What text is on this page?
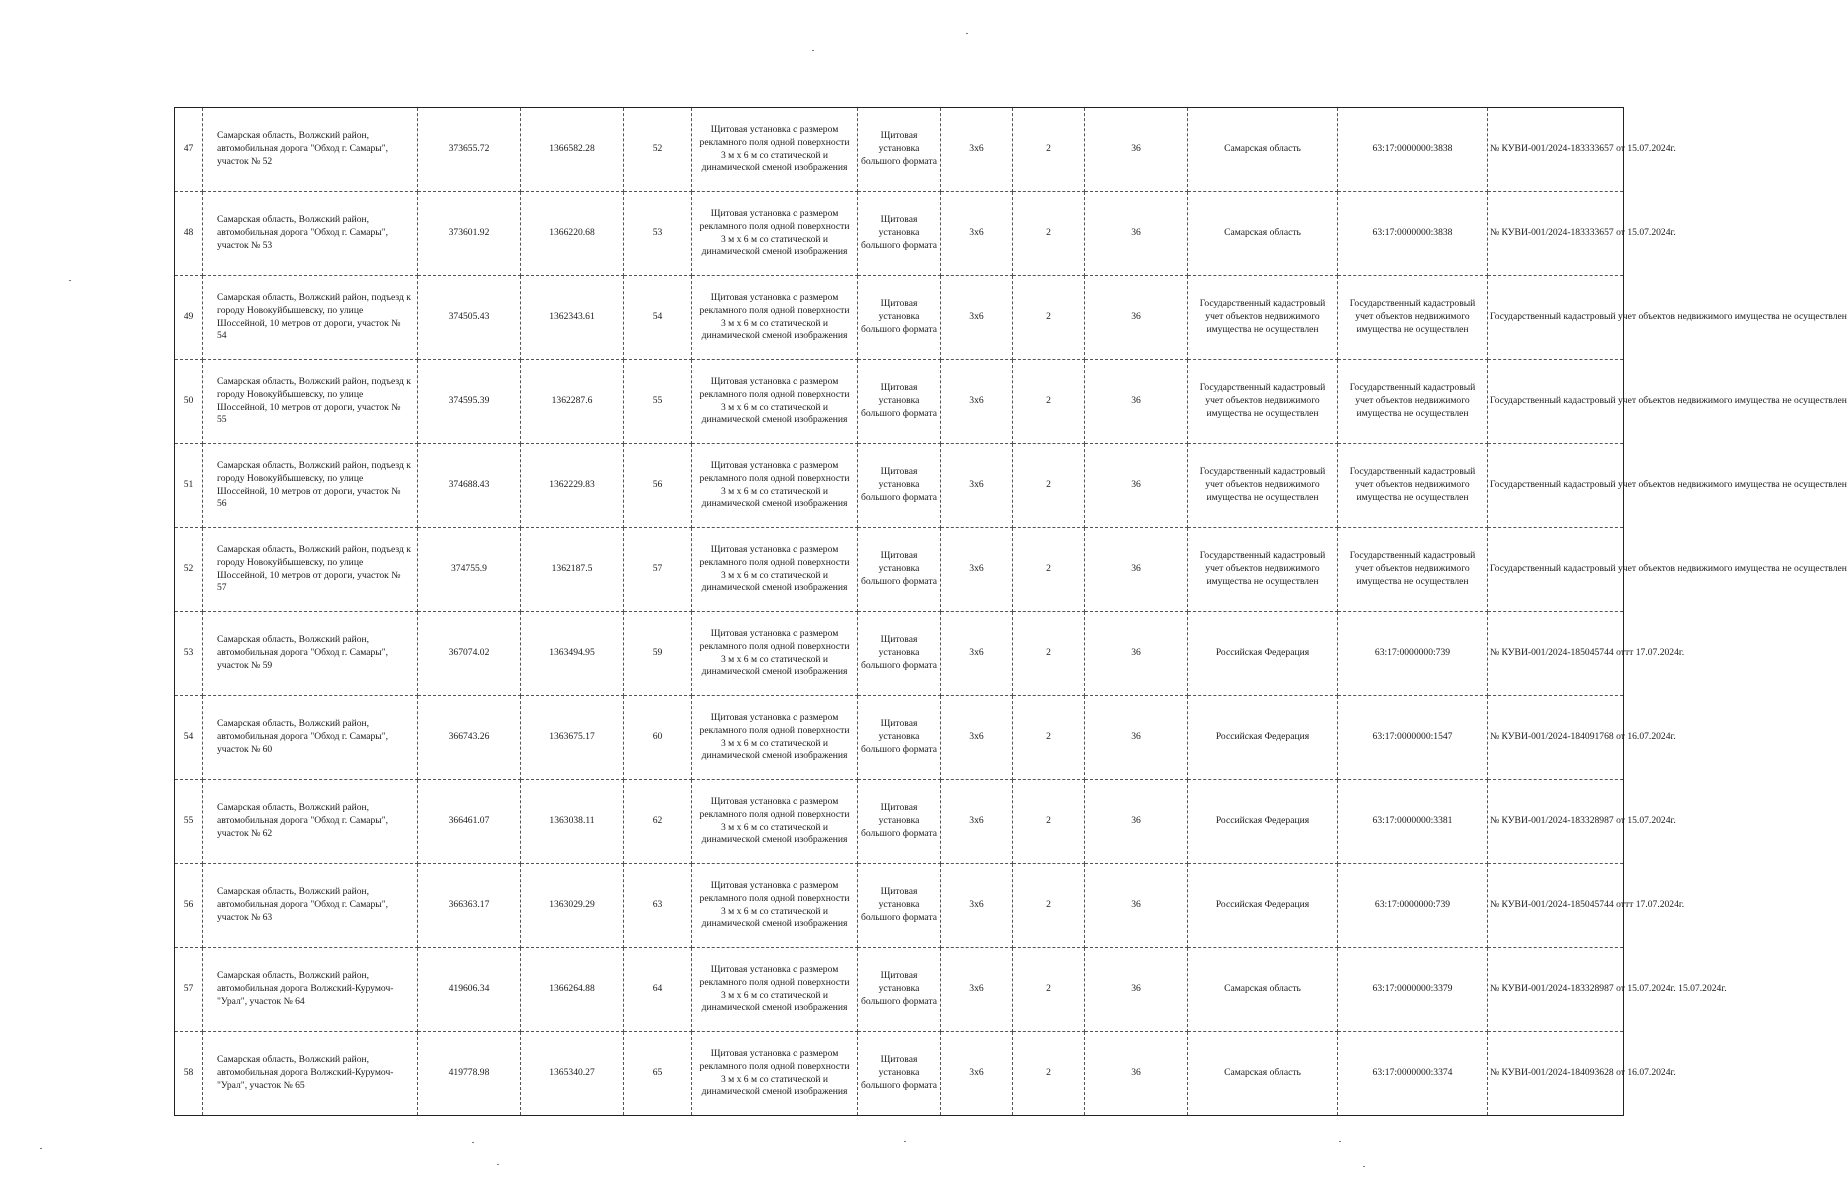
47	Самарская область, Волжский район, автомобильная дорога "Обход г. Самары", участок № 52	373655.72	1366582.28	52	Щитовая установка с размером рекламного поля одной поверхности 3 м х 6 м со статической и динамической сменой изображения	Щитовая установка большого формата	3х6	2	36	Самарская область	63:17:0000000:3838	№ КУВИ-001/2024-183333657 от 15.07.2024г.
48	Самарская область, Волжский район, автомобильная дорога "Обход г. Самары", участок № 53	373601.92	1366220.68	53	Щитовая установка с размером рекламного поля одной поверхности 3 м х 6 м со статической и динамической сменой изображения	Щитовая установка большого формата	3х6	2	36	Самарская область	63:17:0000000:3838	№ КУВИ-001/2024-183333657 от 15.07.2024г.
49	Самарская область, Волжский район, подъезд к городу Новокуйбышевску, по улице Шоссейной, 10 метров от дороги, участок № 54	374505.43	1362343.61	54	Щитовая установка с размером рекламного поля одной поверхности 3 м х 6 м со статической и динамической сменой изображения	Щитовая установка большого формата	3х6	2	36	Государственный кадастровый учет объектов недвижимого имущества не осуществлен	Государственный кадастровый учет объектов недвижимого имущества не осуществлен	Государственный кадастровый учет объектов недвижимого имущества не осуществлен
50	Самарская область, Волжский район, подъезд к городу Новокуйбышевску, по улице Шоссейной, 10 метров от дороги, участок № 55	374595.39	1362287.6	55	Щитовая установка с размером рекламного поля одной поверхности 3 м х 6 м со статической и динамической сменой изображения	Щитовая установка большого формата	3х6	2	36	Государственный кадастровый учет объектов недвижимого имущества не осуществлен	Государственный кадастровый учет объектов недвижимого имущества не осуществлен	Государственный кадастровый учет объектов недвижимого имущества не осуществлен
51	Самарская область, Волжский район, подъезд к городу Новокуйбышевску, по улице Шоссейной, 10 метров от дороги, участок № 56	374688.43	1362229.83	56	Щитовая установка с размером рекламного поля одной поверхности 3 м х 6 м со статической и динамической сменой изображения	Щитовая установка большого формата	3х6	2	36	Государственный кадастровый учет объектов недвижимого имущества не осуществлен	Государственный кадастровый учет объектов недвижимого имущества не осуществлен	Государственный кадастровый учет объектов недвижимого имущества не осуществлен
52	Самарская область, Волжский район, подъезд к городу Новокуйбышевску, по улице Шоссейной, 10 метров от дороги, участок № 57	374755.9	1362187.5	57	Щитовая установка с размером рекламного поля одной поверхности 3 м х 6 м со статической и динамической сменой изображения	Щитовая установка большого формата	3х6	2	36	Государственный кадастровый учет объектов недвижимого имущества не осуществлен	Государственный кадастровый учет объектов недвижимого имущества не осуществлен	Государственный кадастровый учет объектов недвижимого имущества не осуществлен
53	Самарская область, Волжский район, автомобильная дорога "Обход г. Самары", участок № 59	367074.02	1363494.95	59	Щитовая установка с размером рекламного поля одной поверхности 3 м х 6 м со статической и динамической сменой изображения	Щитовая установка большого формата	3х6	2	36	Российская Федерация	63:17:0000000:739	№ КУВИ-001/2024-185045744 оттт 17.07.2024г.
54	Самарская область, Волжский район, автомобильная дорога "Обход г. Самары", участок № 60	366743.26	1363675.17	60	Щитовая установка с размером рекламного поля одной поверхности 3 м х 6 м со статической и динамической сменой изображения	Щитовая установка большого формата	3х6	2	36	Российская Федерация	63:17:0000000:1547	№ КУВИ-001/2024-184091768 от 16.07.2024г.
55	Самарская область, Волжский район, автомобильная дорога "Обход г. Самары", участок № 62	366461.07	1363038.11	62	Щитовая установка с размером рекламного поля одной поверхности 3 м х 6 м со статической и динамической сменой изображения	Щитовая установка большого формата	3х6	2	36	Российская Федерация	63:17:0000000:3381	№ КУВИ-001/2024-183328987 от 15.07.2024г.
56	Самарская область, Волжский район, автомобильная дорога "Обход г. Самары", участок № 63	366363.17	1363029.29	63	Щитовая установка с размером рекламного поля одной поверхности 3 м х 6 м со статической и динамической сменой изображения	Щитовая установка большого формата	3х6	2	36	Российская Федерация	63:17:0000000:739	№ КУВИ-001/2024-185045744 оттт 17.07.2024г.
57	Самарская область, Волжский район, автомобильная дорога Волжский-Курумоч-"Урал", участок № 64	419606.34	1366264.88	64	Щитовая установка с размером рекламного поля одной поверхности 3 м х 6 м со статической и динамической сменой изображения	Щитовая установка большого формата	3х6	2	36	Самарская область	63:17:0000000:3379	№ КУВИ-001/2024-183328987 от 15.07.2024г. 15.07.2024г.
58	Самарская область, Волжский район, автомобильная дорога Волжский-Курумоч-"Урал", участок № 65	419778.98	1365340.27	65	Щитовая установка с размером рекламного поля одной поверхности 3 м х 6 м со статической и динамической сменой изображения	Щитовая установка большого формата	3х6	2	36	Самарская область	63:17:0000000:3374	№ КУВИ-001/2024-184093628 от 16.07.2024г.
